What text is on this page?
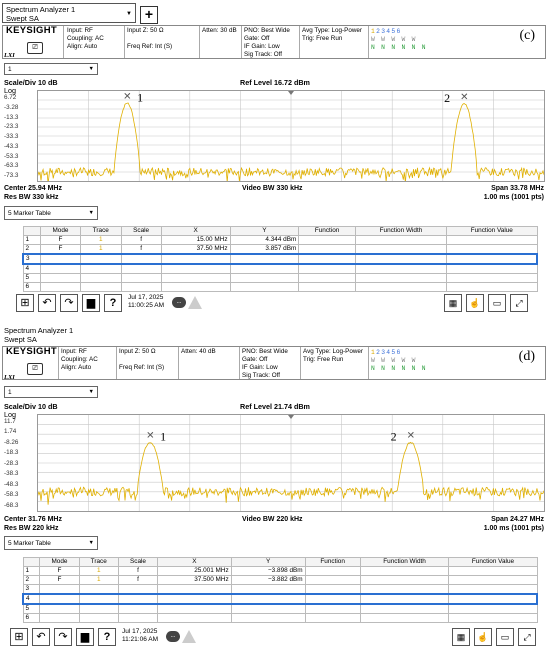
Spectrum Analyzer 1
Swept SA	▼ +
KEYSIGHT
⎚
Input: RF
Coupling: AC
Align: Auto
Input Z: 50 Ω

Freq Ref: Int (S)
Atten: 30 dB PNO: Best Wide
Gate: Off
IF Gain: Low
Sig Track: Off
Avg Type: Log-Power
Trig: Free Run
123456
W W W W W
N N N N N N
(c)
LXI
1	▼
Scale/Div 10 dB	Ref Level 16.72 dBm
Log
6.72
-3.28
-13.3
-23.3
-33.3
-43.3
-53.3
-63.3
-73.3
✕ 1	✕
2
Center 25.94 MHz
Res BW 330 kHz
Video BW 330 kHz	Span 33.78 MHz
1.00 ms (1001 pts)
5 Marker Table	▼
	Mode	Trace	Scale	X	Y	Function	Function Width	Function Value
1	F	1	f	15.00 MHz	4.344 dBm			
2	F	1	f	37.50 MHz	3.857 dBm			
3								
4								
5								
6								
⊞	↶	↷	▆	?	Jul 17, 2025
11:00:25 AM	...	▦	☝	▭	⤢
Spectrum Analyzer 1
Swept SA
KEYSIGHT
⎚
Input: RF
Coupling: AC
Align: Auto
Input Z: 50 Ω

Freq Ref: Int (S)
Atten: 40 dB	PNO: Best Wide
Gate: Off
IF Gain: Low
Sig Track: Off
Avg Type: Log-Power
Trig: Free Run
123456
W W W W W
N N N N N N
(d)
LXI
1	▼
Scale/Div 10 dB	Ref Level 21.74 dBm
Log
11.7
1.74
-8.26
-18.3
-28.3
-38.3
-48.3
-58.3
-68.3
✕ 1	✕
2
Center 31.76 MHz
Res BW 220 kHz
Video BW 220 kHz	Span 24.27 MHz
1.00 ms (1001 pts)
5 Marker Table	▼
	Mode	Trace	Scale	X	Y	Function	Function Width	Function Value
1	F	1	f	25.001 MHz	−3.898 dBm			
2	F	1	f	37.500 MHz	−3.882 dBm			
3								
4								
5								
6								
⊞	↶	↷	▆	?	Jul 17, 2025
11:21:06 AM	...	▦	☝	▭	⤢
